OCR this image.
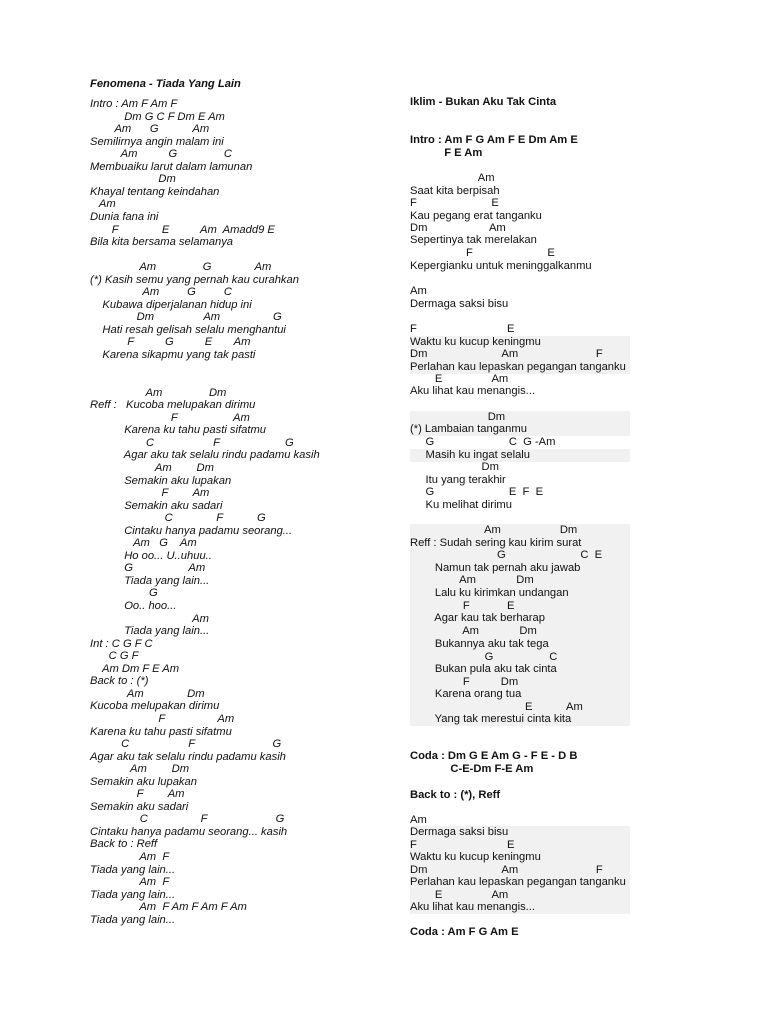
Fenomena - Tiada Yang Lain
Intro : Am F Am F
Dm G C F Dm E Am
Am      G           Am
Semilirnya angin malam ini
Am          G               C
Membuaiku larut dalam lamunan
Dm
Khayal tentang keindahan
Am
Dunia fana ini
F              E          Am  Amadd9 E
Bila kita bersama selamanya
Am               G              Am
(*) Kasih semu yang pernah kau curahkan
Am         G         C
Kubawa diperjalanan hidup ini
Dm                Am                 G
Hati resah gelisah selalu menghantui
F          G          E       Am
Karena sikapmu yang tak pasti
Am               Dm
Reff :   Kucoba melupakan dirimu
F                  Am
Karena ku tahu pasti sifatmu
C                   F                     G
Agar aku tak selalu rindu padamu kasih
Am        Dm
Semakin aku lupakan
F        Am
Semakin aku sadari
C              F           G
Cintaku hanya padamu seorang...
Am   G    Am
Ho oo... U..uhuu..
G                  Am
Tiada yang lain...
G
Oo.. hoo...
Am
Tiada yang lain...
Int : C G F C
C G F
Am Dm F E Am
Back to : (*)
Am              Dm
Kucoba melupakan dirimu
F                 Am
Karena ku tahu pasti sifatmu
C                   F                         G
Agar aku tak selalu rindu padamu kasih
Am        Dm
Semakin aku lupakan
F        Am
Semakin aku sadari
C                 F                      G
Cintaku hanya padamu seorang... kasih
Back to : Reff
Am  F
Tiada yang lain...
Am  F
Tiada yang lain...
Am  F Am F Am F Am
Tiada yang lain...
Iklim - Bukan Aku Tak Cinta
Intro : Am F G Am F E Dm Am E
F E Am
Am
Saat kita berpisah
F                        E
Kau pegang erat tanganku
Dm                    Am
Sepertinya tak merelakan
F                        E
Kepergianku untuk meninggalkanmu
Am
Dermaga saksi bisu
F                             E
Waktu ku kucup keningmu
Dm                        Am                         F
Perlahan kau lepaskan pegangan tanganku
E                Am
Aku lihat kau menangis...
Dm
(*) Lambaian tanganmu
G                        C  G -Am
Masih ku ingat selalu
Dm
Itu yang terakhir
G                        E  F  E
Ku melihat dirimu
Am                   Dm
Reff : Sudah sering kau kirim surat
G                        C  E
Namun tak pernah aku jawab
Am             Dm
Lalu ku kirimkan undangan
F            E
Agar kau tak berharap
Am             Dm
Bukannya aku tak tega
G                  C
Bukan pula aku tak cinta
F          Dm
Karena orang tua
E           Am
Yang tak merestui cinta kita
Coda : Dm G E Am G - F E - D B
C-E-Dm F-E Am
Back to : (*), Reff
Am
Dermaga saksi bisu
F                             E
Waktu ku kucup keningmu
Dm                        Am                         F
Perlahan kau lepaskan pegangan tanganku
E                Am
Aku lihat kau menangis...
Coda : Am F G Am E
